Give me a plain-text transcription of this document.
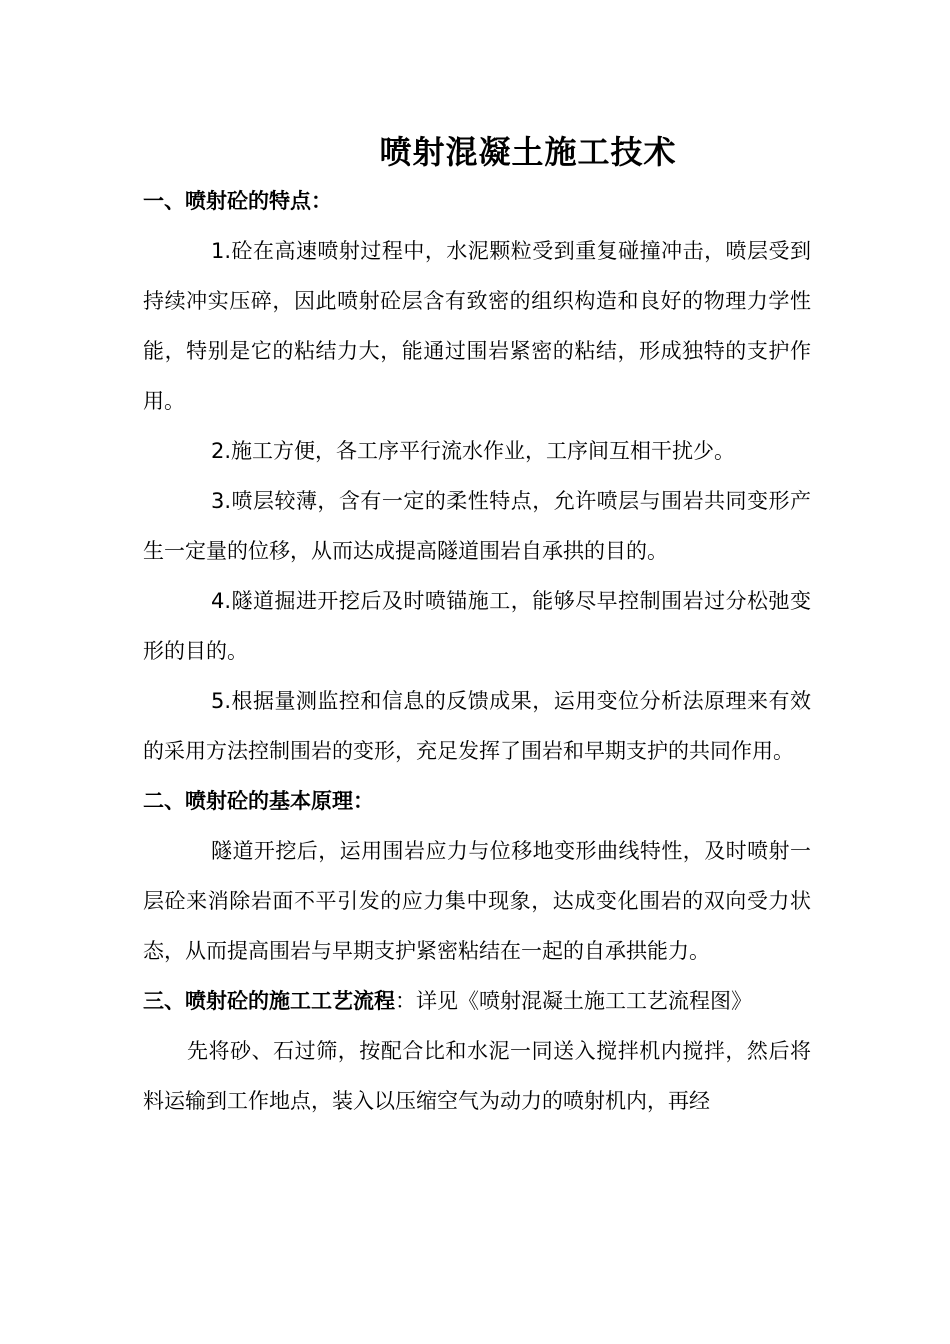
喷射混凝土施工技术
一、喷射砼的特点：

1.砼在高速喷射过程中，水泥颗粒受到重复碰撞冲击，喷层受到持续冲实压碎，因此喷射砼层含有致密的组织构造和良好的物理力学性能，特别是它的粘结力大，能通过围岩紧密的粘结，形成独特的支护作用。

2.施工方便，各工序平行流水作业，工序间互相干扰少。

3.喷层较薄，含有一定的柔性特点，允许喷层与围岩共同变形产生一定量的位移，从而达成提高隧道围岩自承拱的目的。

4.隧道掘进开挖后及时喷锚施工，能够尽早控制围岩过分松弛变形的目的。

5.根据量测监控和信息的反馈成果，运用变位分析法原理来有效的采用方法控制围岩的变形，充足发挥了围岩和早期支护的共同作用。

二、喷射砼的基本原理：

隧道开挖后，运用围岩应力与位移地变形曲线特性，及时喷射一层砼来消除岩面不平引发的应力集中现象，达成变化围岩的双向受力状态，从而提高围岩与早期支护紧密粘结在一起的自承拱能力。

三、喷射砼的施工工艺流程：详见《喷射混凝土施工工艺流程图》

先将砂、石过筛，按配合比和水泥一同送入搅拌机内搅拌，然后将料运输到工作地点，装入以压缩空气为动力的喷射机内，再经
